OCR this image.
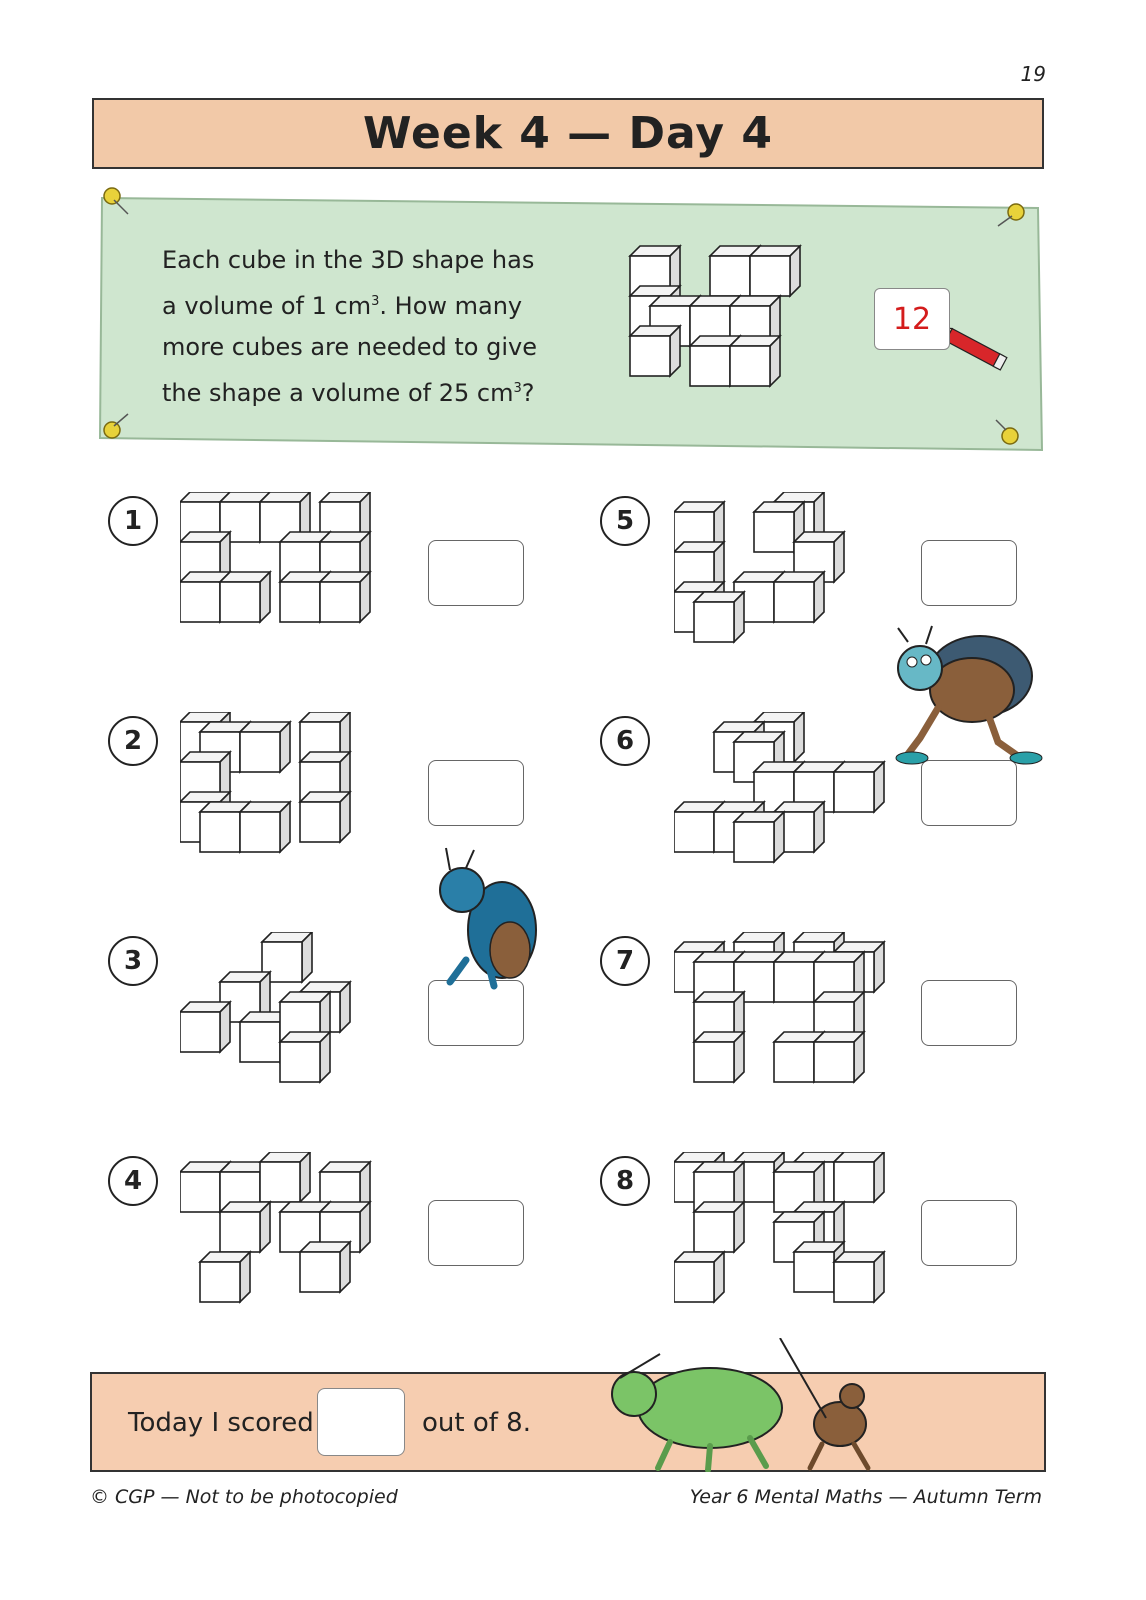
19
Week 4 — Day 4
Each cube in the 3D shape has
a volume of 1 $cm^3$. How many
more cubes are needed to give
the shape a volume of 25 $cm^3$?
12
1
2
3
4
5
6
7
8
Today I scored	out of 8.
© CGP — Not to be photocopied	Year 6 Mental Maths — Autumn Term
